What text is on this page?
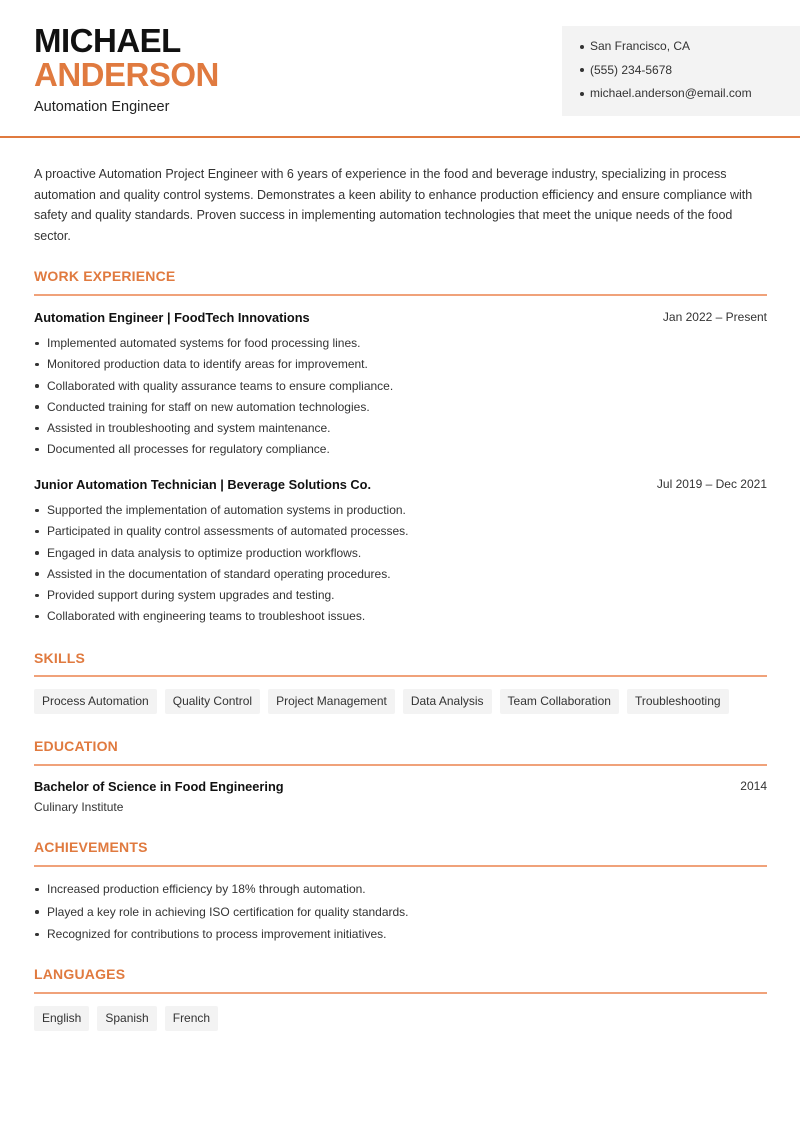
MICHAEL
ANDERSON
Automation Engineer
San Francisco, CA
(555) 234-5678
michael.anderson@email.com

A proactive Automation Project Engineer with 6 years of experience in the food and beverage industry, specializing in process automation and quality control systems. Demonstrates a keen ability to enhance production efficiency and ensure compliance with safety and quality standards. Proven success in implementing automation technologies that meet the unique needs of the food sector.

WORK EXPERIENCE
Automation Engineer | FoodTech Innovations	Jan 2022 – Present
Implemented automated systems for food processing lines.
Monitored production data to identify areas for improvement.
Collaborated with quality assurance teams to ensure compliance.
Conducted training for staff on new automation technologies.
Assisted in troubleshooting and system maintenance.
Documented all processes for regulatory compliance.
Junior Automation Technician | Beverage Solutions Co.	Jul 2019 – Dec 2021
Supported the implementation of automation systems in production.
Participated in quality control assessments of automated processes.
Engaged in data analysis to optimize production workflows.
Assisted in the documentation of standard operating procedures.
Provided support during system upgrades and testing.
Collaborated with engineering teams to troubleshoot issues.
SKILLS
Process Automation	Quality Control	Project Management	Data Analysis	Team Collaboration	Troubleshooting
EDUCATION
Bachelor of Science in Food Engineering	2014
Culinary Institute
ACHIEVEMENTS
Increased production efficiency by 18% through automation.
Played a key role in achieving ISO certification for quality standards.
Recognized for contributions to process improvement initiatives.
LANGUAGES
English	Spanish	French
